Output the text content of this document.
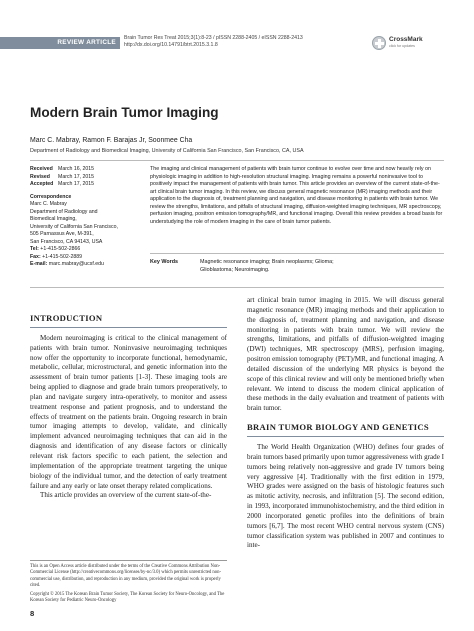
REVIEW ARTICLE
Brain Tumor Res Treat 2015;3(1):8-23 / pISSN 2288-2405 / eISSN 2288-2413
http://dx.doi.org/10.14791/btrt.2015.3.1.8
CrossMark
click for updates
Modern Brain Tumor Imaging
Marc C. Mabray, Ramon F. Barajas Jr, Soonmee Cha
Department of Radiology and Biomedical Imaging, University of California San Francisco, San Francisco, CA, USA
Received	March 16, 2015
Revised	March 17, 2015
Accepted March 17, 2015
Correspondence
Marc C. Mabray
Department of Radiology and
Biomedical Imaging,
University of California San Francisco,
505 Parnassus Ave, M-391,
San Francisco, CA 94143, USA
Tel: +1-415-502-2866
Fax: +1-415-502-2889
E-mail: marc.mabray@ucsf.edu
The imaging and clinical management of patients with brain tumor continue to evolve over time and now heavily rely on physiologic imaging in addition to high-resolution structural imaging. Imaging remains a powerful noninvasive tool to positively impact the management of patients with brain tumor. This article provides an overview of the current state-of-the-art clinical brain tumor imaging. In this review, we discuss general magnetic resonance (MR) imaging methods and their application to the diagnosis of, treatment planning and navigation, and disease monitoring in patients with brain tumor. We review the strengths, limitations, and pitfalls of structural imaging, diffusion-weighted imaging techniques, MR spectroscopy, perfusion imaging, positron emission tomography/MR, and functional imaging. Overall this review provides a broad basis for understudying the role of modern imaging in the care of brain tumor patients.
Key Words	Magnetic resonance imaging; Brain neoplasms; Glioma; Glioblastoma; Neuroimaging.
INTRODUCTION

Modern neuroimaging is critical to the clinical management of patients with brain tumor. Noninvasive neuroimaging techniques now offer the opportunity to incorporate functional, hemodynamic, metabolic, cellular, microstructural, and genetic information into the assessment of brain tumor patients [1-3]. These imaging tools are being applied to diagnose and grade brain tumors preoperatively, to plan and navigate surgery intra-operatively, to monitor and assess treatment response and patient prognosis, and to understand the effects of treatment on the patients brain. Ongoing research in brain tumor imaging attempts to develop, validate, and clinically implement advanced neuroimaging techniques that can aid in the diagnosis and identification of any disease factors or clinically relevant risk factors specific to each patient, the selection and implementation of the appropriate treatment targeting the unique biology of the individual tumor, and the detection of early treatment failure and any early or late onset therapy related complications.

This article provides an overview of the current state-of-the-

art clinical brain tumor imaging in 2015. We will discuss general magnetic resonance (MR) imaging methods and their application to the diagnosis of, treatment planning and navigation, and disease monitoring in patients with brain tumor. We will review the strengths, limitations, and pitfalls of diffusion-weighted imaging (DWI) techniques, MR spectroscopy (MRS), perfusion imaging, positron emission tomography (PET)/MR, and functional imaging. A detailed discussion of the underlying MR physics is beyond the scope of this clinical review and will only be mentioned briefly when relevant. We intend to discuss the modern clinical application of these methods in the daily evaluation and treatment of patients with brain tumor.

BRAIN TUMOR BIOLOGY AND GENETICS

The World Health Organization (WHO) defines four grades of brain tumors based primarily upon tumor aggressiveness with grade I tumors being relatively non-aggressive and grade IV tumors being very aggressive [4]. Traditionally with the first edition in 1979, WHO grades were assigned on the basis of histologic features such as mitotic activity, necrosis, and infiltration [5]. The second edition, in 1993, incorporated immunohistochemistry, and the third edition in 2000 incorporated genetic profiles into the definitions of brain tumors [6,7]. The most recent WHO central nervous system (CNS) tumor classification system was published in 2007 and continues to inte-

This is an Open Access article distributed under the terms of the Creative Commons Attribution Non-Commercial License (http://creativecommons.org/licenses/by-nc/3.0) which permits unrestricted non-commercial use, distribution, and reproduction in any medium, provided the original work is properly cited.
Copyright © 2015 The Korean Brain Tumor Society, The Korean Society for Neuro-Oncology, and The Korean Society for Pediatric Neuro-Oncology
8
